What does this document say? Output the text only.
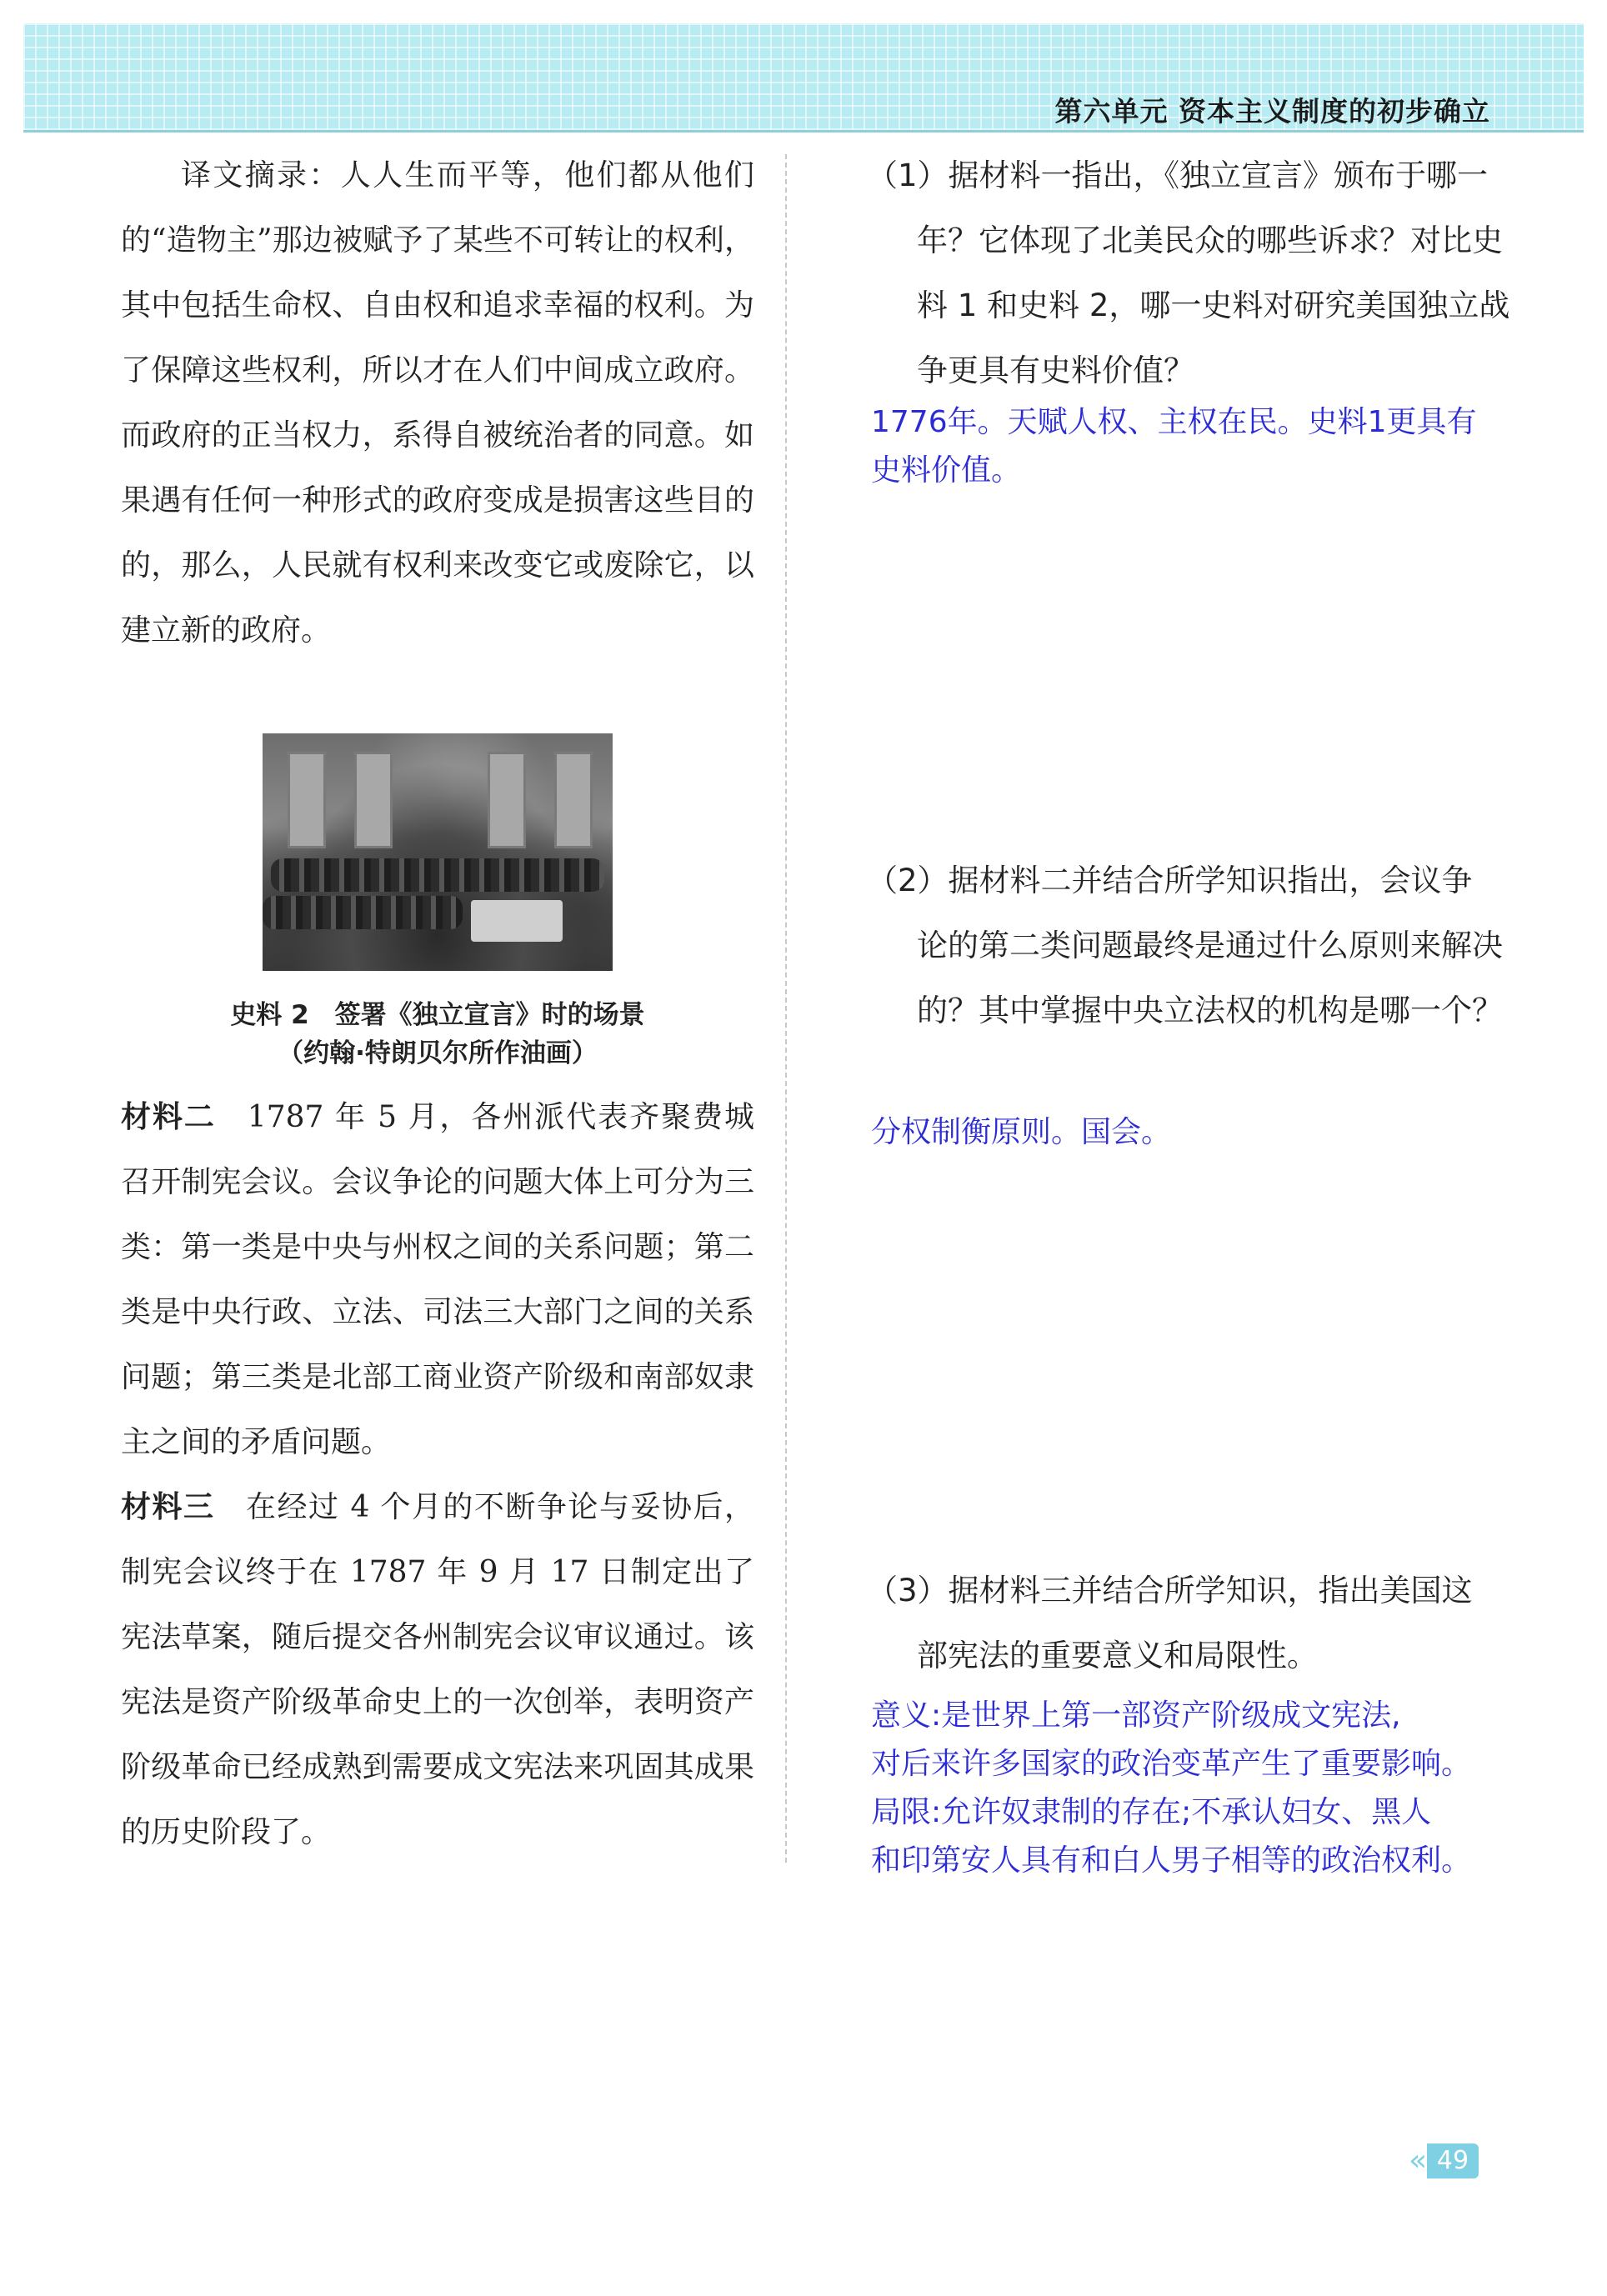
第六单元 资本主义制度的初步确立

译文摘录：人人生而平等，他们都从他们的“造物主”那边被赋予了某些不可转让的权利，其中包括生命权、自由权和追求幸福的权利。为了保障这些权利，所以才在人们中间成立政府。而政府的正当权力，系得自被统治者的同意。如果遇有任何一种形式的政府变成是损害这些目的的，那么，人民就有权利来改变它或废除它，以建立新的政府。

史料 2　签署《独立宣言》时的场景
（约翰·特朗贝尔所作油画）

材料二　1787 年 5 月，各州派代表齐聚费城召开制宪会议。会议争论的问题大体上可分为三类：第一类是中央与州权之间的关系问题；第二类是中央行政、立法、司法三大部门之间的关系问题；第三类是北部工商业资产阶级和南部奴隶主之间的矛盾问题。

材料三　在经过 4 个月的不断争论与妥协后，制宪会议终于在 1787 年 9 月 17 日制定出了宪法草案，随后提交各州制宪会议审议通过。该宪法是资产阶级革命史上的一次创举，表明资产阶级革命已经成熟到需要成文宪法来巩固其成果的历史阶段了。

（1）据材料一指出，《独立宣言》颁布于哪一

年？它体现了北美民众的哪些诉求？对比史料 1 和史料 2，哪一史料对研究美国独立战争更具有史料价值？

1776年。天赋人权、主权在民。史料1更具有

史料价值。

（2）据材料二并结合所学知识指出，会议争

论的第二类问题最终是通过什么原则来解决的？其中掌握中央立法权的机构是哪一个？

分权制衡原则。国会。

（3）据材料三并结合所学知识，指出美国这

部宪法的重要意义和局限性。

意义:是世界上第一部资产阶级成文宪法,

对后来许多国家的政治变革产生了重要影响。

局限:允许奴隶制的存在;不承认妇女、黑人

和印第安人具有和白人男子相等的政治权利。

« 49
